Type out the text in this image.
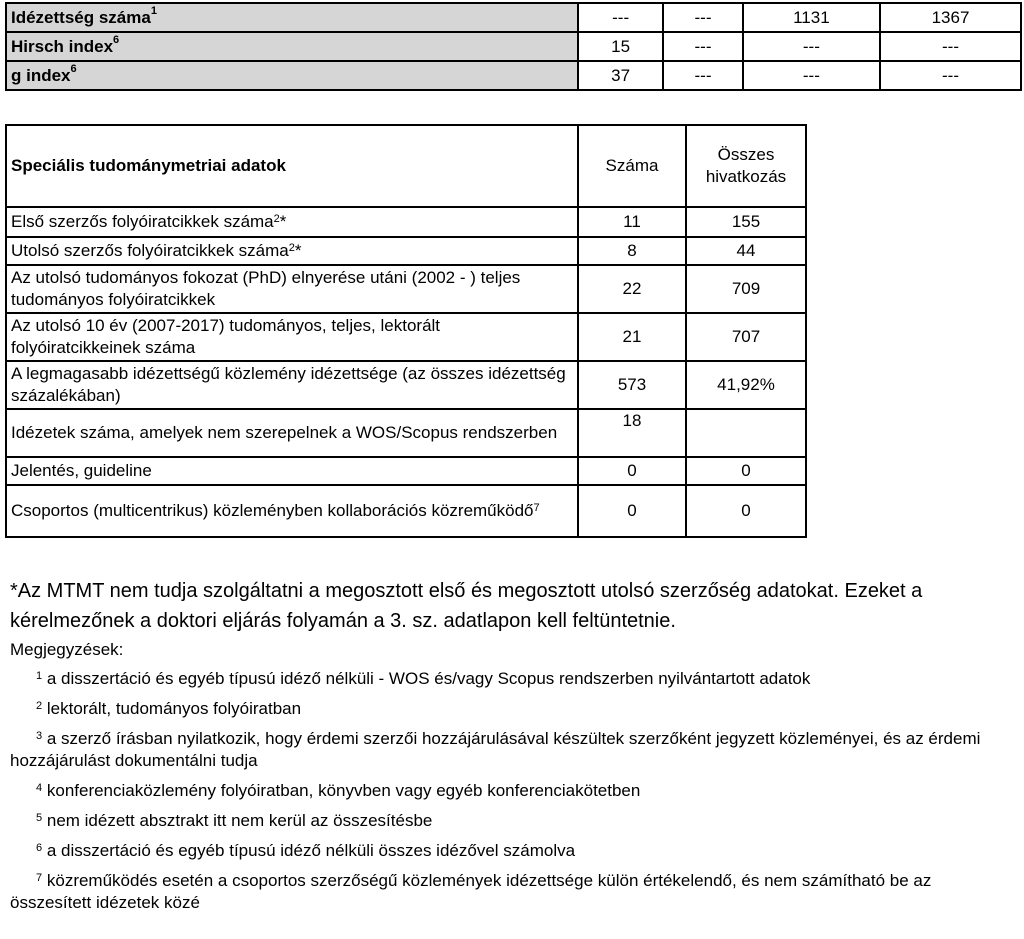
Idézettség száma$^1$	---	---	1131	1367
Hirsch index$^6$	15	---	---	---
g index$^6$	37	---	---	---
Speciális tudománymetriai adatok	Száma	Összes hivatkozás
Első szerzős folyóiratcikkek száma$^2$*	11	155
Utolsó szerzős folyóiratcikkek száma$^2$*	8	44
Az utolsó tudományos fokozat (PhD) elnyerése utáni (2002 - ) teljes tudományos folyóiratcikkek	22	709
Az utolsó 10 év (2007-2017) tudományos, teljes, lektorált folyóiratcikkeinek száma	21	707
A legmagasabb idézettségű közlemény idézettsége (az összes idézettség százalékában)	573	41,92%
Idézetek száma, amelyek nem szerepelnek a WOS/Scopus rendszerben	18	
Jelentés, guideline	0	0
Csoportos (multicentrikus) közleményben kollaborációs közreműködő$^7$	0	0
*Az MTMT nem tudja szolgáltatni a megosztott első és megosztott utolsó szerzőség adatokat. Ezeket a kérelmezőnek a doktori eljárás folyamán a 3. sz. adatlapon kell feltüntetnie.
Megjegyzések:
$^1$ a disszertáció és egyéb típusú idéző nélküli - WOS és/vagy Scopus rendszerben nyilvántartott adatok
$^2$ lektorált, tudományos folyóiratban
$^3$ a szerző írásban nyilatkozik, hogy érdemi szerzői hozzájárulásával készültek szerzőként jegyzett közleményei, és az érdemi hozzájárulást dokumentálni tudja
$^4$ konferenciaközlemény folyóiratban, könyvben vagy egyéb konferenciakötetben
$^5$ nem idézett absztrakt itt nem kerül az összesítésbe
$^6$ a disszertáció és egyéb típusú idéző nélküli összes idézővel számolva
$^7$ közreműködés esetén a csoportos szerzőségű közlemények idézettsége külön értékelendő, és nem számítható be az összesített idézetek közé
